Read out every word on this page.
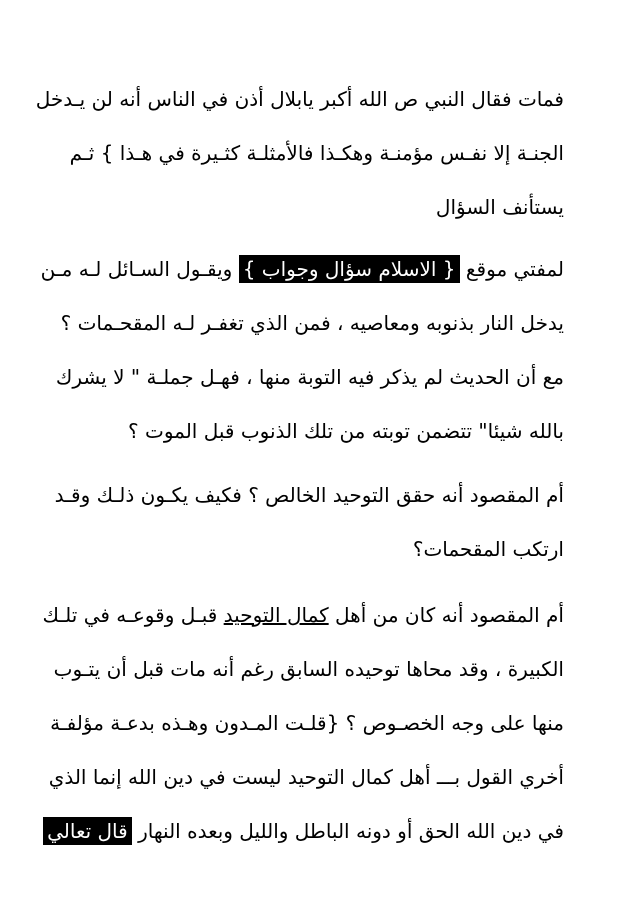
فمات فقال النبي ص الله أكبر يابلال أذن في الناس أنه لن يـدخل
الجنـة إلا نفـس مؤمنـة وهكـذا فالأمثلـة كثـيرة في هـذا } ثـم
يستأنف السؤال

لمفتي موقع { الاسلام سؤال وجواب } ويقـول السـائل لـه مـن
يدخل النار بذنوبه ومعاصيه ، فمن الذي تغفـر لـه المقحـمات ؟
مع أن الحديث لم يذكر فيه التوبة منها ، فهـل جملـة " لا يشرك
بالله شيئا" تتضمن توبته من تلك الذنوب قبل الموت ؟

أم المقصود أنه حقق التوحيد الخالص ؟ فكيف يكـون ذلـك وقـد
ارتكب المقحمات؟

أم المقصود أنه كان من أهل كمال التوحيد قبـل وقوعـه في تلـك
الكبيرة ، وقد محاها توحيده السابق رغم أنه مات قبل أن يتـوب
منها على وجه الخصـوص ؟ {قلـت المـدون وهـذه بدعـة مؤلفـة
أخري القول بـــ أهل كمال التوحيد ليست في دين الله إنما الذي
في دين الله الحق أو دونه الباطل والليل وبعده النهار قال تعالي
